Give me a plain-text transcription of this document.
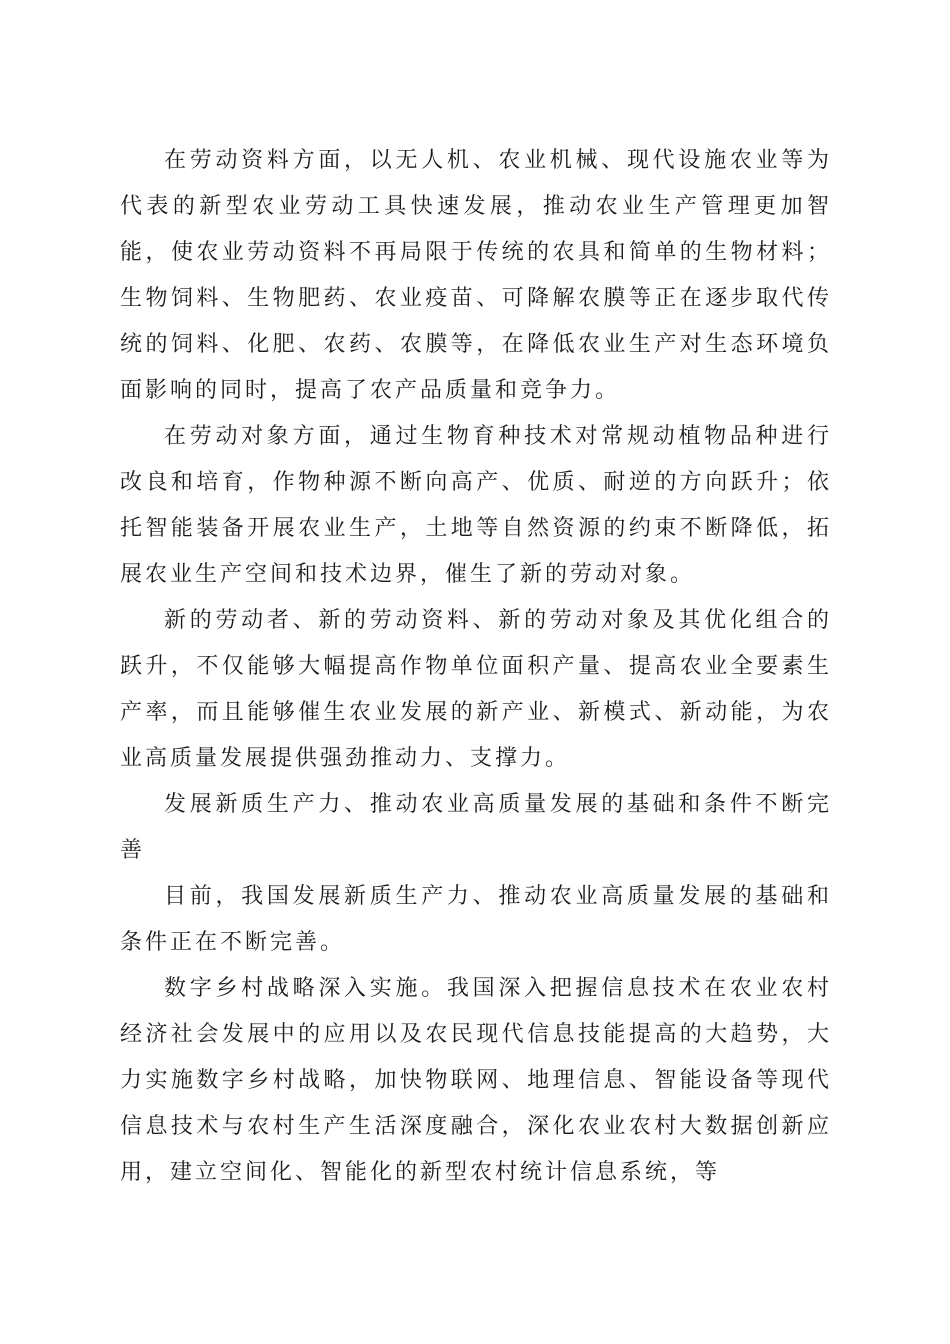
在劳动资料方面，以无人机、农业机械、现代设施农业等为代表的新型农业劳动工具快速发展，推动农业生产管理更加智能，使农业劳动资料不再局限于传统的农具和简单的生物材料；生物饲料、生物肥药、农业疫苗、可降解农膜等正在逐步取代传统的饲料、化肥、农药、农膜等，在降低农业生产对生态环境负面影响的同时，提高了农产品质量和竞争力。

在劳动对象方面，通过生物育种技术对常规动植物品种进行改良和培育，作物种源不断向高产、优质、耐逆的方向跃升；依托智能装备开展农业生产，土地等自然资源的约束不断降低，拓展农业生产空间和技术边界，催生了新的劳动对象。

新的劳动者、新的劳动资料、新的劳动对象及其优化组合的跃升，不仅能够大幅提高作物单位面积产量、提高农业全要素生产率，而且能够催生农业发展的新产业、新模式、新动能，为农业高质量发展提供强劲推动力、支撑力。

发展新质生产力、推动农业高质量发展的基础和条件不断完善

目前，我国发展新质生产力、推动农业高质量发展的基础和条件正在不断完善。

数字乡村战略深入实施。我国深入把握信息技术在农业农村经济社会发展中的应用以及农民现代信息技能提高的大趋势，大力实施数字乡村战略，加快物联网、地理信息、智能设备等现代信息技术与农村生产生活深度融合，深化农业农村大数据创新应用，建立空间化、智能化的新型农村统计信息系统，等
